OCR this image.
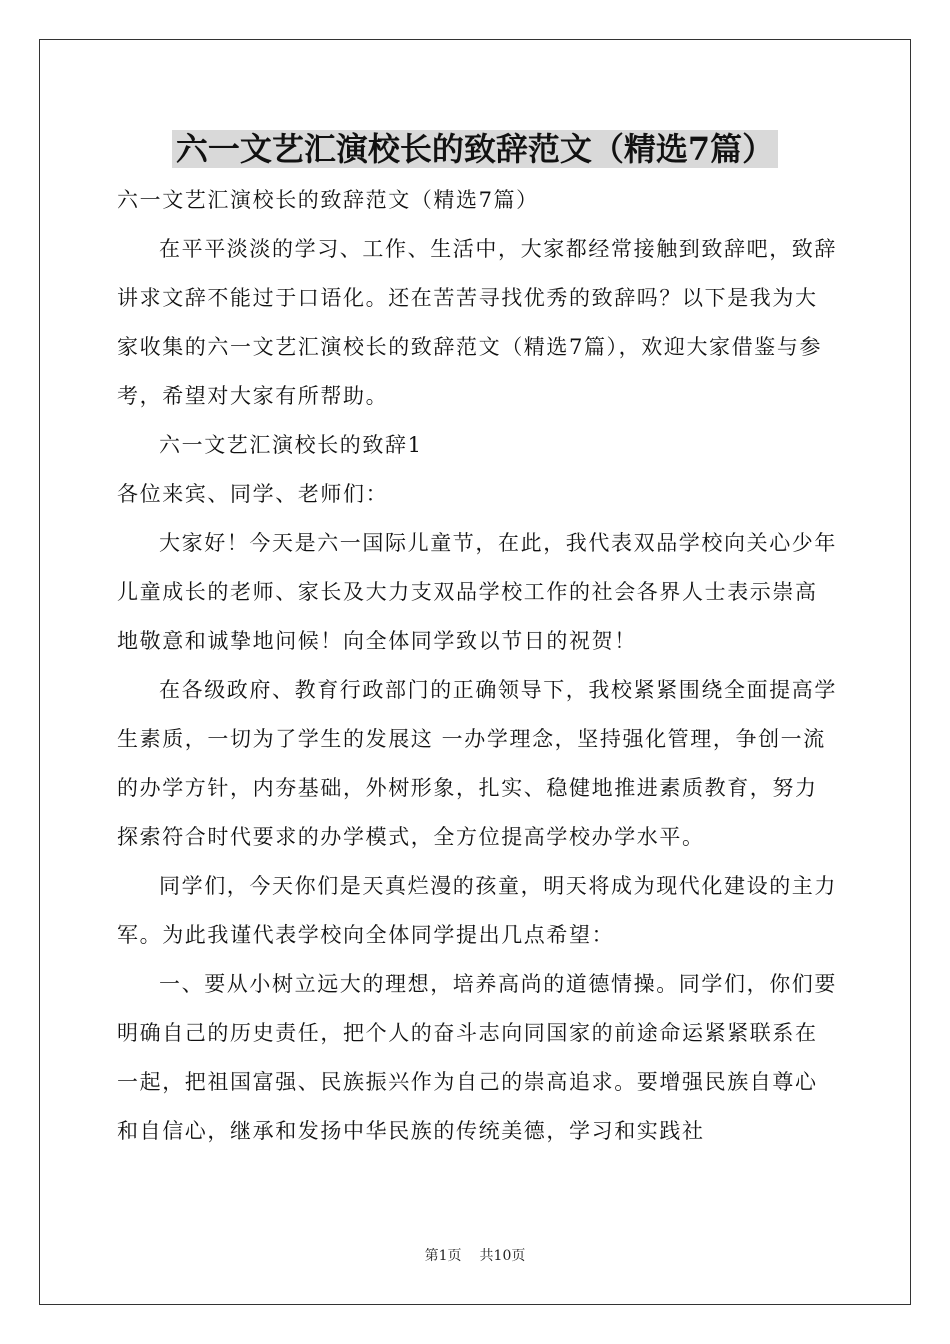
六一文艺汇演校长的致辞范文（精选7篇）

六一文艺汇演校长的致辞范文（精选7篇）

在平平淡淡的学习、工作、生活中，大家都经常接触到致辞吧，致辞讲求文辞不能过于口语化。还在苦苦寻找优秀的致辞吗？以下是我为大家收集的六一文艺汇演校长的致辞范文（精选7篇），欢迎大家借鉴与参考，希望对大家有所帮助。

六一文艺汇演校长的致辞1

各位来宾、同学、老师们：

大家好！今天是六一国际儿童节，在此，我代表双品学校向关心少年儿童成长的老师、家长及大力支双品学校工作的社会各界人士表示崇高地敬意和诚挚地问候！向全体同学致以节日的祝贺！

在各级政府、教育行政部门的正确领导下，我校紧紧围绕全面提高学生素质，一切为了学生的发展这 一办学理念，坚持强化管理，争创一流的办学方针，内夯基础，外树形象，扎实、稳健地推进素质教育，努力探索符合时代要求的办学模式，全方位提高学校办学水平。

同学们，今天你们是天真烂漫的孩童，明天将成为现代化建设的主力军。为此我谨代表学校向全体同学提出几点希望：

一、要从小树立远大的理想，培养高尚的道德情操。同学们，你们要明确自己的历史责任，把个人的奋斗志向同国家的前途命运紧紧联系在一起，把祖国富强、民族振兴作为自己的崇高追求。要增强民族自尊心和自信心，继承和发扬中华民族的传统美德，学习和实践社

第1页 共10页
